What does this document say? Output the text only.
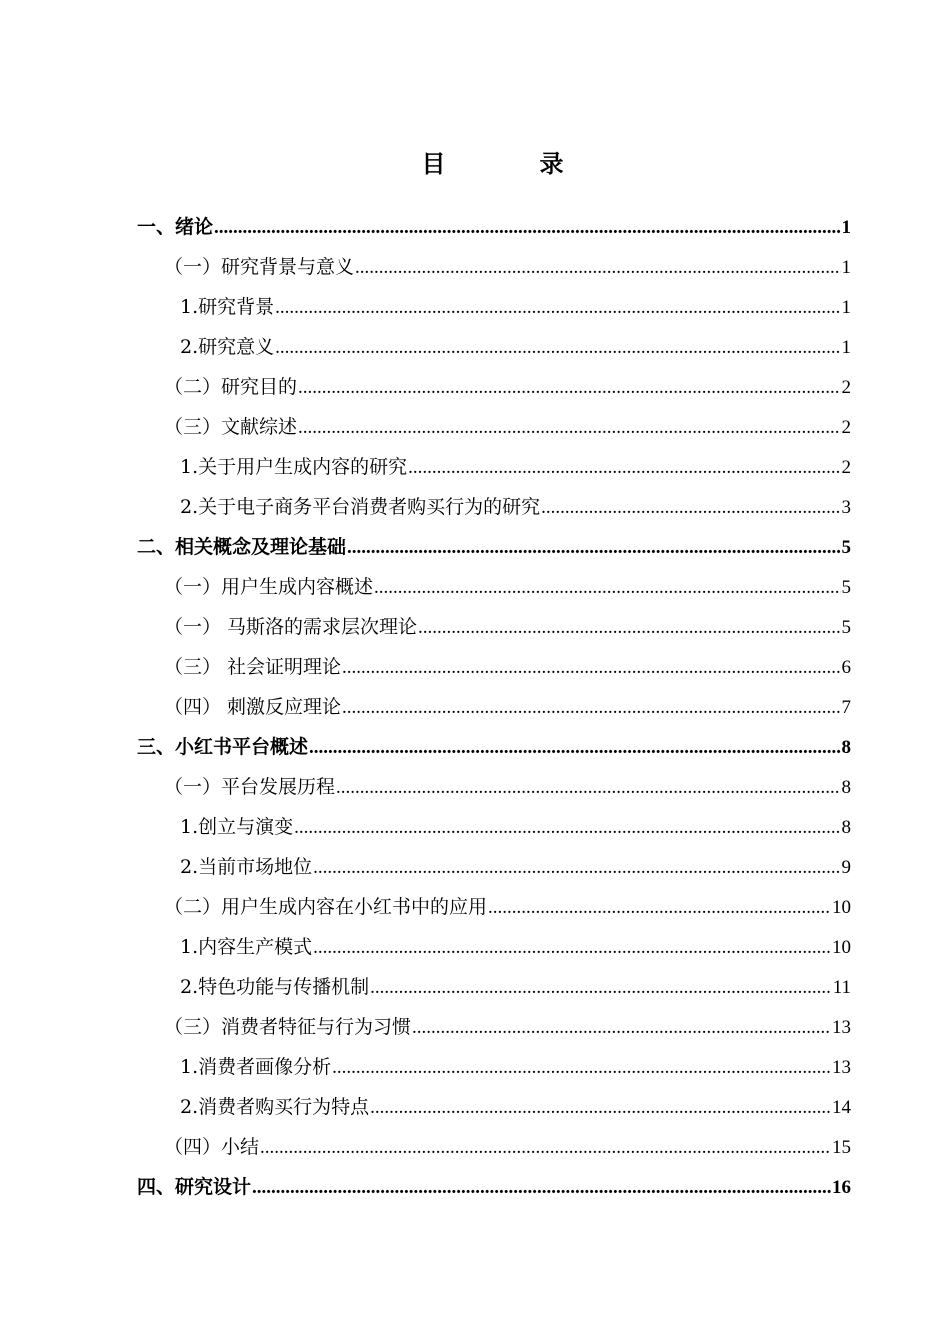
目	录
一、绪论 .....	1
（一）研究背景与意义 .....	1
1.研究背景 .....	1
2.研究意义 .....	1
（二）研究目的 .....	2
（三）文献综述 .....	2
1.关于用户生成内容的研究 .....	2
2.关于电子商务平台消费者购买行为的研究 .....	3
二、相关概念及理论基础 .....	5
（一）用户生成内容概述 .....	5
（一） 马斯洛的需求层次理论 .....	5
（三） 社会证明理论 .....	6
（四） 刺激反应理论 .....	7
三、小红书平台概述 .....	8
（一）平台发展历程 .....	8
1.创立与演变 .....	8
2.当前市场地位 .....	9
（二）用户生成内容在小红书中的应用 .....	10
1.内容生产模式 .....	10
2.特色功能与传播机制 .....	11
（三）消费者特征与行为习惯 .....	13
1.消费者画像分析 .....	13
2.消费者购买行为特点 .....	14
（四）小结 .....	15
四、研究设计 .....	16
